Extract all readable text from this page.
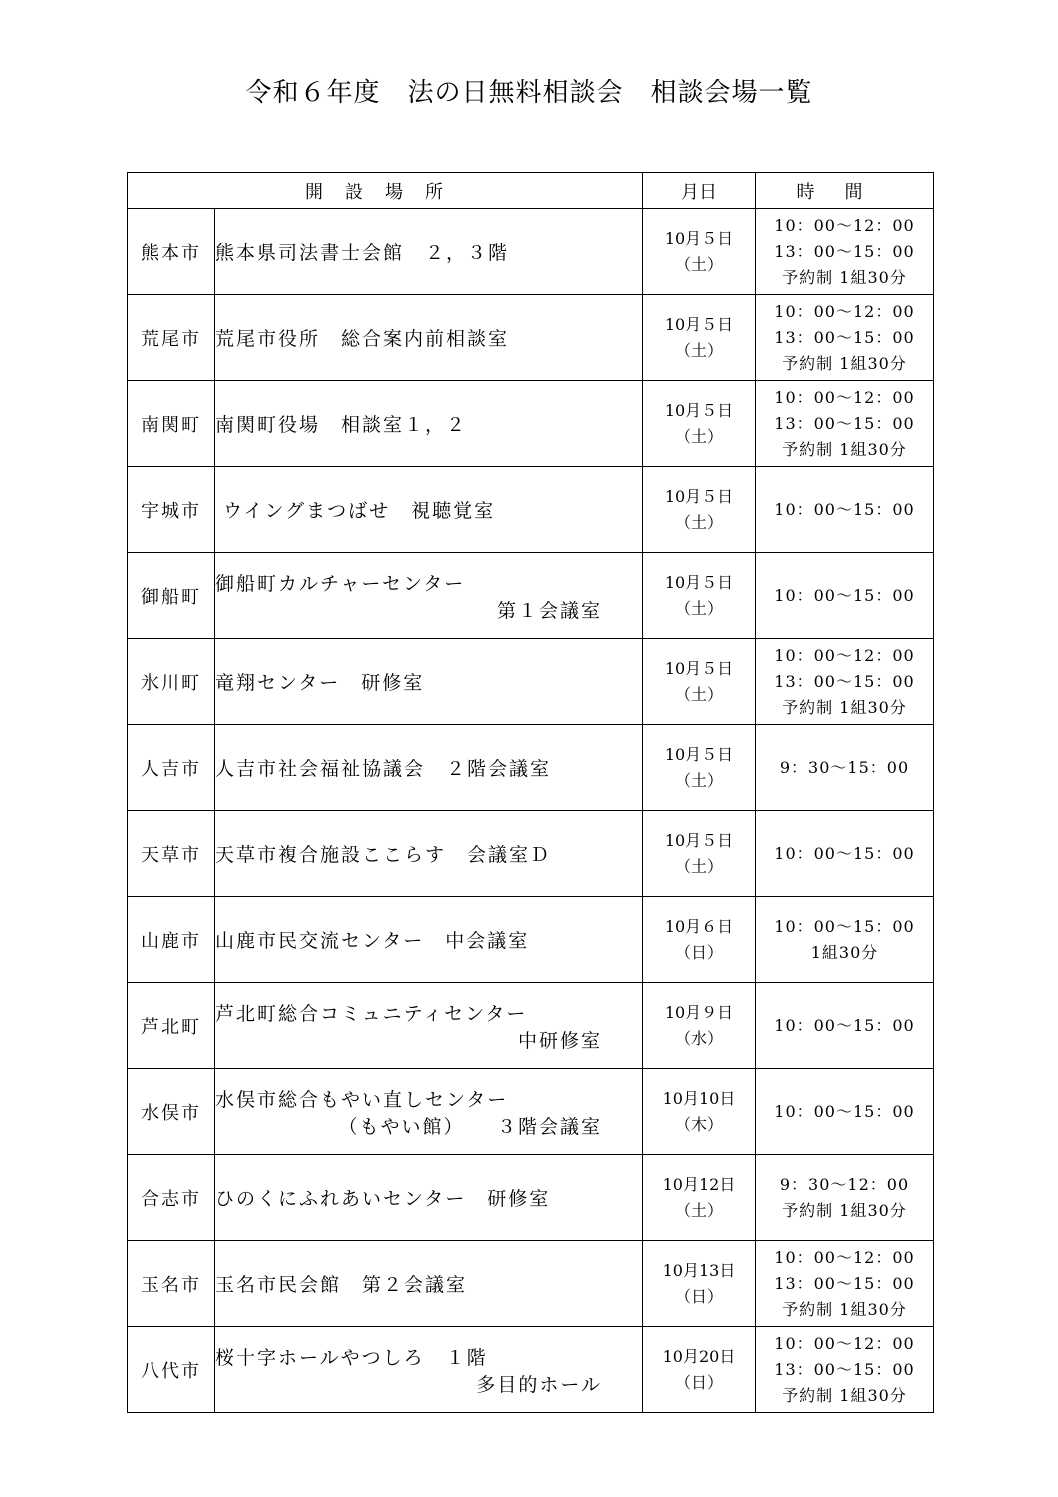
令和６年度　法の日無料相談会　相談会場一覧
開設場所		月日	時間
熊本市	熊本県司法書士会館　２，３階	10月５日
（土）	10：00～12：00
13：00～15：00
予約制 1組30分

荒尾市	荒尾市役所　総合案内前相談室	10月５日
（土）	10：00～12：00
13：00～15：00
予約制 1組30分

南関町	南関町役場　相談室１，２	10月５日
（土）	10：00～12：00
13：00～15：00
予約制 1組30分

宇城市	ウイングまつばせ　視聴覚室	10月５日
（土）	10：00～15：00

御船町	御船町カルチャーセンター
第１会議室	10月５日
（土）	10：00～15：00

氷川町	竜翔センター　研修室	10月５日
（土）	10：00～12：00
13：00～15：00
予約制 1組30分

人吉市	人吉市社会福祉協議会　２階会議室	10月５日
（土）	9：30～15：00

天草市	天草市複合施設ここらす　会議室Ｄ	10月５日
（土）	10：00～15：00

山鹿市	山鹿市民交流センター　中会議室	10月６日
（日）	10：00～15：00
1組30分

芦北町	芦北町総合コミュニティセンター
中研修室	10月９日
（水）	10：00～15：00

水俣市	水俣市総合もやい直しセンター
（もやい館）　　３階会議室	10月10日
（木）	10：00～15：00

合志市	ひのくにふれあいセンター　研修室	10月12日
（土）	9：30～12：00
予約制 1組30分

玉名市	玉名市民会館　第２会議室	10月13日
（日）	10：00～12：00
13：00～15：00
予約制 1組30分

八代市	桜十字ホールやつしろ　１階
多目的ホール	10月20日
（日）	10：00～12：00
13：00～15：00
予約制 1組30分
